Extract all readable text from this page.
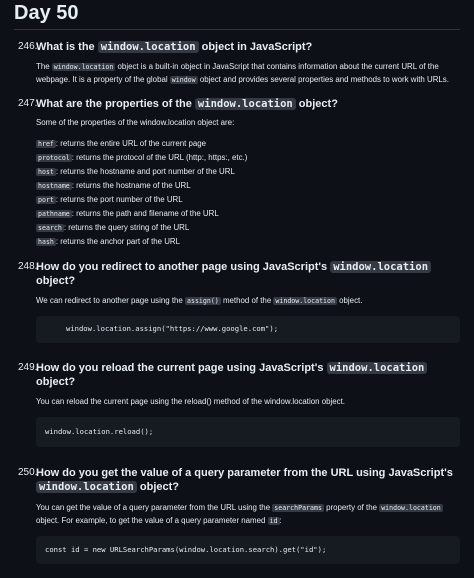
Day 50
246.

What is the window.location object in JavaScript?

The window.location object is a built-in object in JavaScript that contains information about the current URL of the webpage. It is a property of the global window object and provides several properties and methods to work with URLs.

247.

What are the properties of the window.location object?

Some of the properties of the window.location object are:

href : returns the entire URL of the current page
protocol : returns the protocol of the URL (http:, https:, etc.)
host : returns the hostname and port number of the URL
hostname : returns the hostname of the URL
port : returns the port number of the URL
pathname : returns the path and filename of the URL
search : returns the query string of the URL
hash : returns the anchor part of the URL
248.

How do you redirect to another page using JavaScript's window.location object?

We can redirect to another page using the assign() method of the window.location object.

window.location.assign("https://www.google.com");
249.

How do you reload the current page using JavaScript's window.location object?

You can reload the current page using the reload() method of the window.location object.

window.location.reload();
250.

How do you get the value of a query parameter from the URL using JavaScript's window.location object?

You can get the value of a query parameter from the URL using the searchParams property of the window.location object. For example, to get the value of a query parameter named id :

const id = new URLSearchParams(window.location.search).get("id");
